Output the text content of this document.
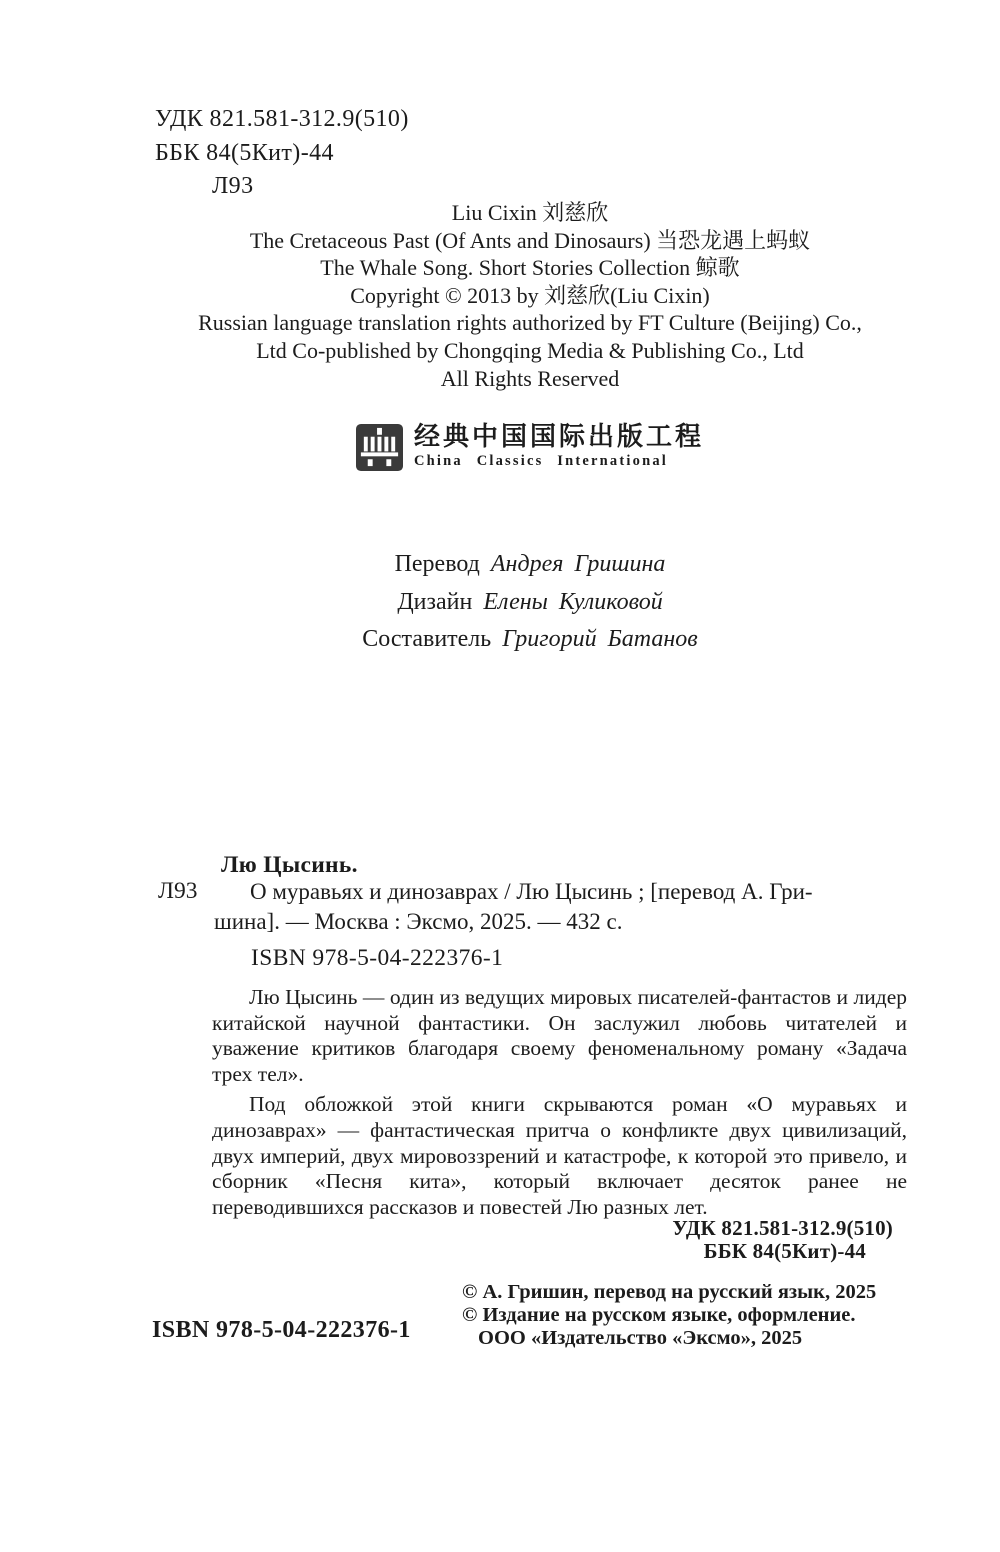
УДК 821.581-312.9(510)
ББК 84(5Кит)-44
Л93
Liu Cixin 刘慈欣
The Cretaceous Past (Of Ants and Dinosaurs) 当恐龙遇上蚂蚁
The Whale Song. Short Stories Collection 鲸歌
Copyright © 2013 by 刘慈欣(Liu Cixin)
Russian language translation rights authorized by FT Culture (Beijing) Co.,
Ltd Co-published by Chongqing Media & Publishing Co., Ltd
All Rights Reserved
经典中国国际出版工程
China Classics International
Перевод Андрея Гришина
Дизайн Елены Куликовой
Составитель Григорий Батанов
Лю Цысинь.
Л93	О муравьях и динозаврах / Лю Цысинь ; [перевод А. Гри-
шина]. — Москва : Эксмо, 2025. — 432 с.
ISBN 978-5-04-222376-1

Лю Цысинь — один из ведущих мировых писателей-фантастов и лидер китайской научной фантастики. Он заслужил любовь читателей и уважение критиков благодаря своему феноменальному роману «Задача трех тел».

Под обложкой этой книги скрываются роман «О муравьях и динозаврах» — фантастическая притча о конфликте двух цивилизаций, двух империй, двух мировоззрений и катастрофе, к которой это привело, и сборник «Песня кита», который включает десяток ранее не переводившихся рассказов и повестей Лю разных лет.

УДК 821.581-312.9(510)
ББК 84(5Кит)-44
ISBN 978-5-04-222376-1
© А. Гришин, перевод на русский язык, 2025
© Издание на русском языке, оформление.
ООО «Издательство «Эксмо», 2025
